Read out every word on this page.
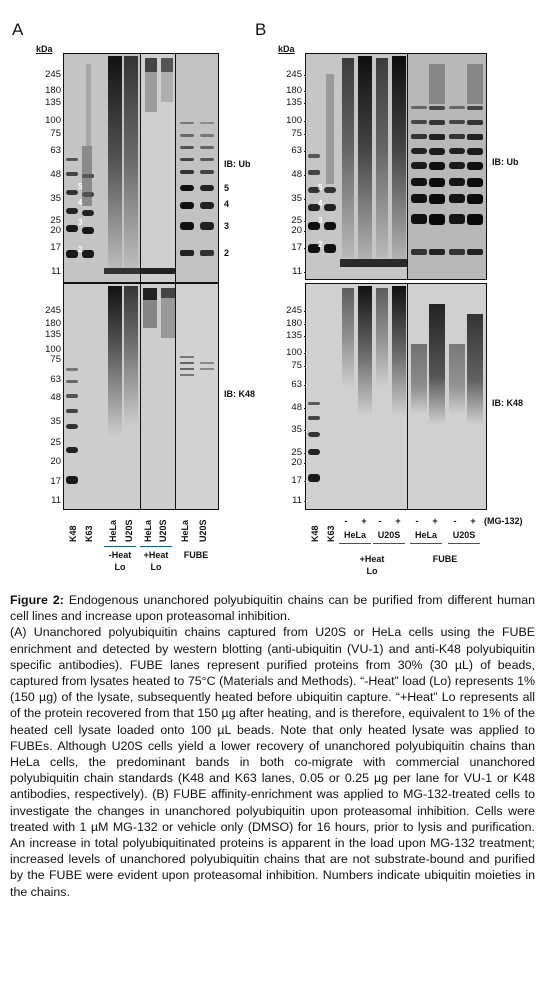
A	B
kDa	kDa
245
180
135
100
75
63
48
35
25
20
17
11
245
180
135
100
75
63
48
35
25
20
17
11
245
180
135
100
75
63
48
35
25
20
17
11
245
180
135
100
75
63
48
35
25
20
17
11
IB: Ub
IB: K48
5
4
3
2
K48 K63 HeLa U20S HeLa U20S HeLa U20S
-Heat
Lo
+Heat
Lo
FUBE
IB: Ub
IB: K48
5
4
3
2
5
4
3
2
K48 K63
-	+	-	+	-	+	-	+ (MG-132)
HeLa	U20S	HeLa	U20S
+Heat
Lo
FUBE

Figure 2: Endogenous unanchored polyubiquitin chains can be purified from different human cell lines and increase upon proteasomal inhibition.

(A) Unanchored polyubiquitin chains captured from U20S or HeLa cells using the FUBE enrichment and detected by western blotting (anti-ubiquitin (VU-1) and anti-K48 polyubiquitin specific antibodies). FUBE lanes represent purified proteins from 30% (30 µL) of beads, captured from lysates heated to 75°C (Materials and Methods). “-Heat” load (Lo) represents 1% (150 µg) of the lysate, subsequently heated before ubiquitin capture. “+Heat” Lo represents all of the protein recovered from that 150 µg after heating, and is therefore, equivalent to 1% of the heated cell lysate loaded onto 100 µL beads. Note that only heated lysate was applied to FUBEs. Although U20S cells yield a lower recovery of unanchored polyubiquitin chains than HeLa cells, the predominant bands in both co-migrate with commercial unanchored polyubiquitin chain standards (K48 and K63 lanes, 0.05 or 0.25 µg per lane for VU-1 or K48 antibodies, respectively). (B) FUBE affinity-enrichment was applied to MG-132-treated cells to investigate the changes in unanchored polyubiquitin upon proteasomal inhibition. Cells were treated with 1 µM MG-132 or vehicle only (DMSO) for 16 hours, prior to lysis and purification. An increase in total polyubiquitinated proteins is apparent in the load upon MG-132 treatment; increased levels of unanchored polyubiquitin chains that are not substrate-bound and purified by the FUBE were evident upon proteasomal inhibition. Numbers indicate ubiquitin moieties in the chains.
